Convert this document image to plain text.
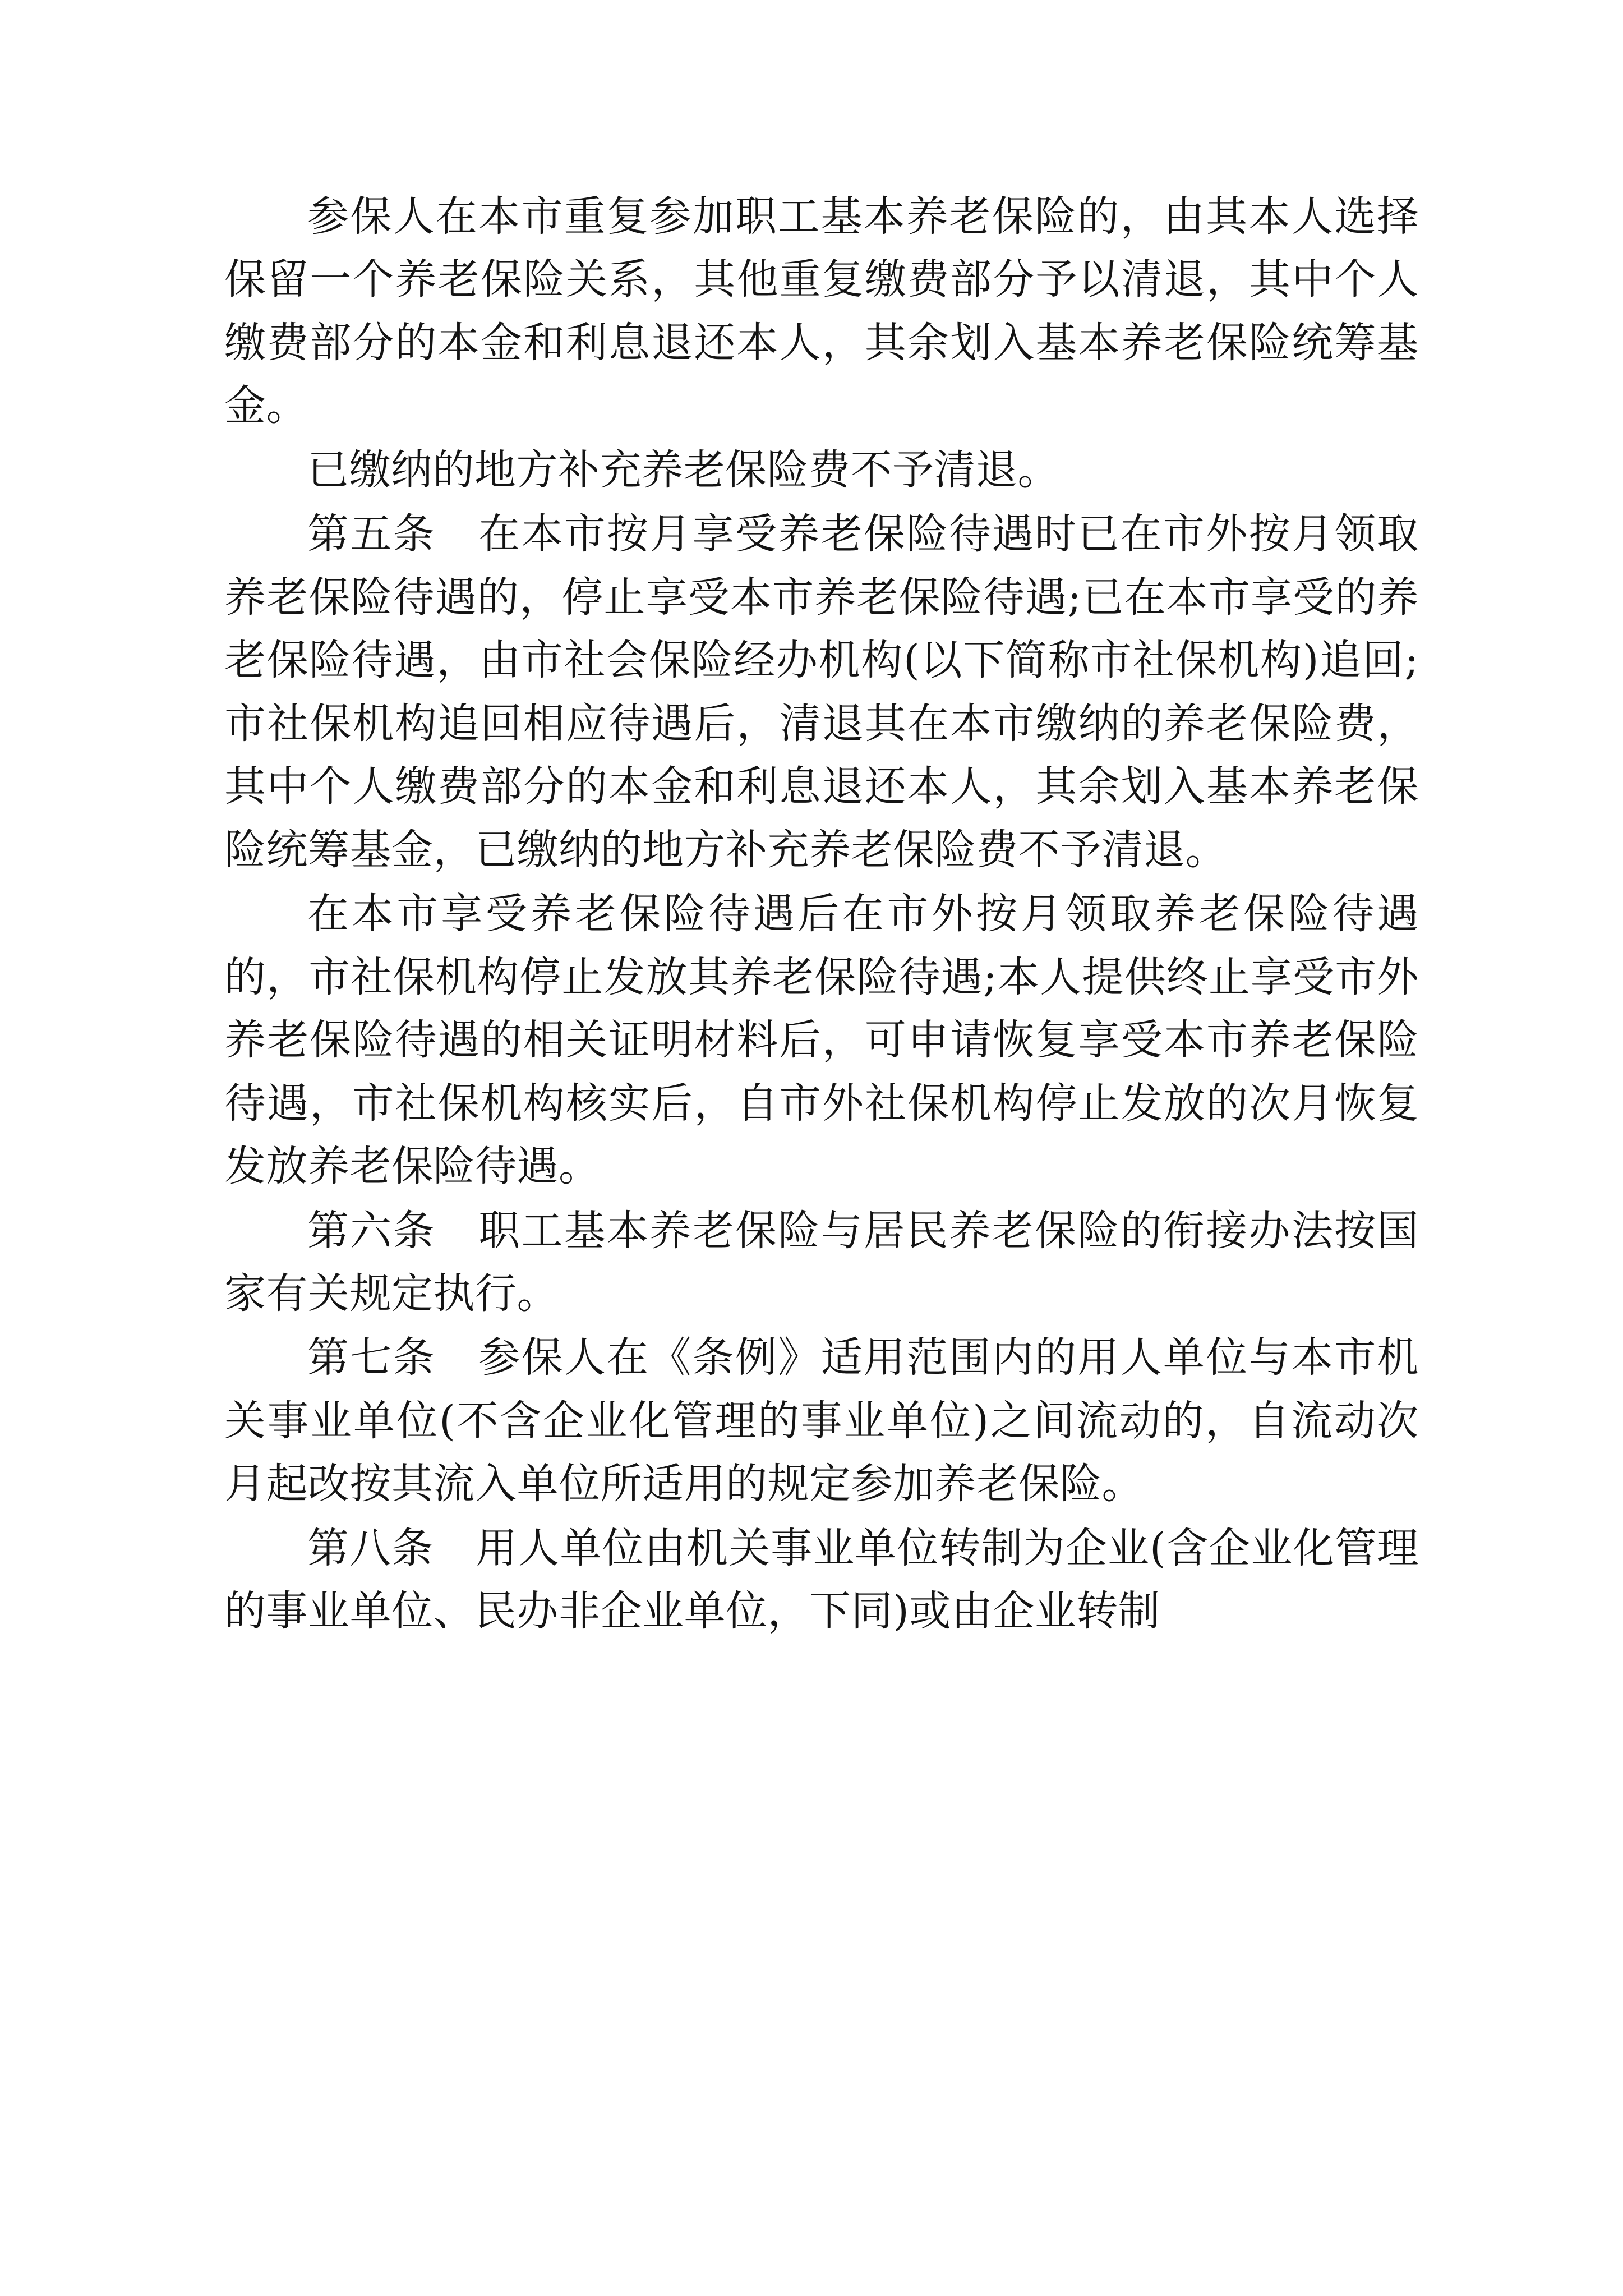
参保人在本市重复参加职工基本养老保险的，由其本人选择保留一个养老保险关系，其他重复缴费部分予以清退，其中个人缴费部分的本金和利息退还本人，其余划入基本养老保险统筹基金。

已缴纳的地方补充养老保险费不予清退。

第五条　在本市按月享受养老保险待遇时已在市外按月领取养老保险待遇的，停止享受本市养老保险待遇;已在本市享受的养老保险待遇，由市社会保险经办机构(以下简称市社保机构)追回;市社保机构追回相应待遇后，清退其在本市缴纳的养老保险费，其中个人缴费部分的本金和利息退还本人，其余划入基本养老保险统筹基金，已缴纳的地方补充养老保险费不予清退。

在本市享受养老保险待遇后在市外按月领取养老保险待遇的，市社保机构停止发放其养老保险待遇;本人提供终止享受市外养老保险待遇的相关证明材料后，可申请恢复享受本市养老保险待遇，市社保机构核实后，自市外社保机构停止发放的次月恢复发放养老保险待遇。

第六条　职工基本养老保险与居民养老保险的衔接办法按国家有关规定执行。

第七条　参保人在《条例》适用范围内的用人单位与本市机关事业单位(不含企业化管理的事业单位)之间流动的，自流动次月起改按其流入单位所适用的规定参加养老保险。

第八条　用人单位由机关事业单位转制为企业(含企业化管理的事业单位、民办非企业单位，下同)或由企业转制
